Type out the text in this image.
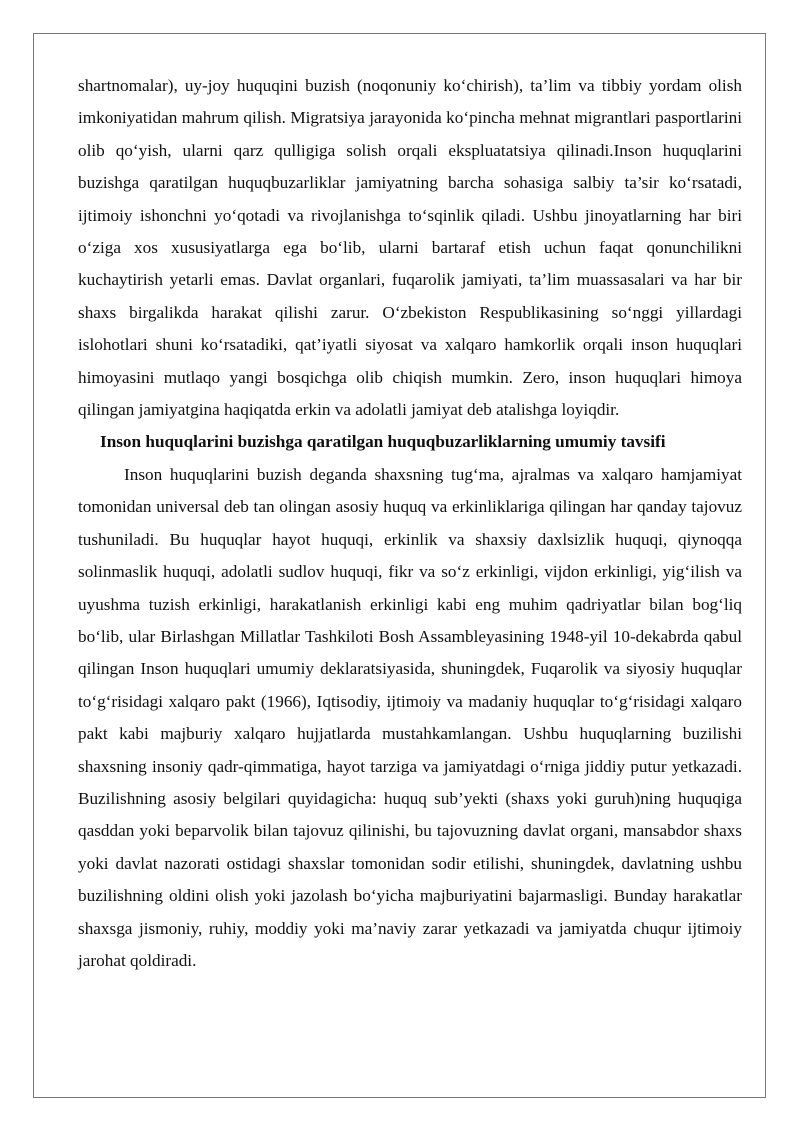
shartnomalar), uy-joy huquqini buzish (noqonuniy ko‘chirish), ta’lim va tibbiy yordam olish imkoniyatidan mahrum qilish. Migratsiya jarayonida ko‘pincha mehnat migrantlari pasportlarini olib qo‘yish, ularni qarz qulligiga solish orqali ekspluatatsiya qilinadi.Inson huquqlarini buzishga qaratilgan huquqbuzarliklar jamiyatning barcha sohasiga salbiy ta’sir ko‘rsatadi, ijtimoiy ishonchni yo‘qotadi va rivojlanishga to‘sqinlik qiladi. Ushbu jinoyatlarning har biri o‘ziga xos xususiyatlarga ega bo‘lib, ularni bartaraf etish uchun faqat qonunchilikni kuchaytirish yetarli emas. Davlat organlari, fuqarolik jamiyati, ta’lim muassasalari va har bir shaxs birgalikda harakat qilishi zarur. O‘zbekiston Respublikasining so‘nggi yillardagi islohotlari shuni ko‘rsatadiki, qat’iyatli siyosat va xalqaro hamkorlik orqali inson huquqlari himoyasini mutlaqo yangi bosqichga olib chiqish mumkin. Zero, inson huquqlari himoya qilingan jamiyatgina haqiqatda erkin va adolatli jamiyat deb atalishga loyiqdir.

Inson huquqlarini buzishga qaratilgan huquqbuzarliklarning umumiy tavsifi

Inson huquqlarini buzish deganda shaxsning tug‘ma, ajralmas va xalqaro hamjamiyat tomonidan universal deb tan olingan asosiy huquq va erkinliklariga qilingan har qanday tajovuz tushuniladi. Bu huquqlar hayot huquqi, erkinlik va shaxsiy daxlsizlik huquqi, qiynoqqa solinmaslik huquqi, adolatli sudlov huquqi, fikr va so‘z erkinligi, vijdon erkinligi, yig‘ilish va uyushma tuzish erkinligi, harakatlanish erkinligi kabi eng muhim qadriyatlar bilan bog‘liq bo‘lib, ular Birlashgan Millatlar Tashkiloti Bosh Assambleyasining 1948-yil 10-dekabrda qabul qilingan Inson huquqlari umumiy deklaratsiyasida, shuningdek, Fuqarolik va siyosiy huquqlar to‘g‘risidagi xalqaro pakt (1966), Iqtisodiy, ijtimoiy va madaniy huquqlar to‘g‘risidagi xalqaro pakt kabi majburiy xalqaro hujjatlarda mustahkamlangan. Ushbu huquqlarning buzilishi shaxsning insoniy qadr-qimmatiga, hayot tarziga va jamiyatdagi o‘rniga jiddiy putur yetkazadi. Buzilishning asosiy belgilari quyidagicha: huquq sub’yekti (shaxs yoki guruh)ning huquqiga qasddan yoki beparvolik bilan tajovuz qilinishi, bu tajovuzning davlat organi, mansabdor shaxs yoki davlat nazorati ostidagi shaxslar tomonidan sodir etilishi, shuningdek, davlatning ushbu buzilishning oldini olish yoki jazolash bo‘yicha majburiyatini bajarmasligi. Bunday harakatlar shaxsga jismoniy, ruhiy, moddiy yoki ma’naviy zarar yetkazadi va jamiyatda chuqur ijtimoiy jarohat qoldiradi.
